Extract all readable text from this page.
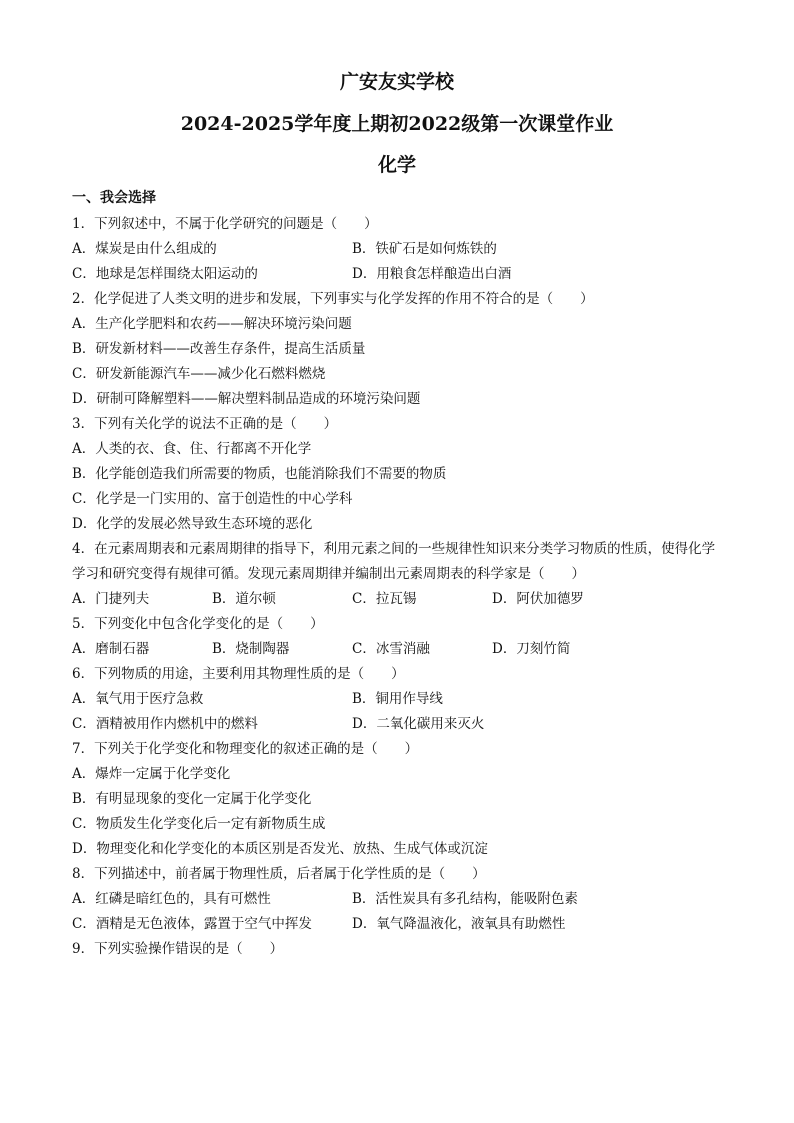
广安友实学校
2024-2025学年度上期初2022级第一次课堂作业
化学
一、我会选择
1．下列叙述中，不属于化学研究的问题是（　　）
A．煤炭是由什么组成的	B．铁矿石是如何炼铁的
C．地球是怎样围绕太阳运动的	D．用粮食怎样酿造出白酒
2．化学促进了人类文明的进步和发展，下列事实与化学发挥的作用不符合的是（　　）
A．生产化学肥料和农药——解决环境污染问题
B．研发新材料——改善生存条件，提高生活质量
C．研发新能源汽车——减少化石燃料燃烧
D．研制可降解塑料——解决塑料制品造成的环境污染问题
3．下列有关化学的说法不正确的是（　　）
A．人类的衣、食、住、行都离不开化学
B．化学能创造我们所需要的物质，也能消除我们不需要的物质
C．化学是一门实用的、富于创造性的中心学科
D．化学的发展必然导致生态环境的恶化
4．在元素周期表和元素周期律的指导下，利用元素之间的一些规律性知识来分类学习物质的性质，使得化学学习和研究变得有规律可循。发现元素周期律并编制出元素周期表的科学家是（　　）
A．门捷列夫	B．道尔顿	C．拉瓦锡	D．阿伏加德罗
5．下列变化中包含化学变化的是（　　）
A．磨制石器	B．烧制陶器	C．冰雪消融	D．刀刻竹简
6．下列物质的用途，主要利用其物理性质的是（　　）
A．氧气用于医疗急救	B．铜用作导线
C．酒精被用作内燃机中的燃料	D．二氧化碳用来灭火
7．下列关于化学变化和物理变化的叙述正确的是（　　）
A．爆炸一定属于化学变化
B．有明显现象的变化一定属于化学变化
C．物质发生化学变化后一定有新物质生成
D．物理变化和化学变化的本质区别是否发光、放热、生成气体或沉淀
8．下列描述中，前者属于物理性质，后者属于化学性质的是（　　）
A．红磷是暗红色的，具有可燃性	B．活性炭具有多孔结构，能吸附色素
C．酒精是无色液体，露置于空气中挥发	D．氧气降温液化，液氧具有助燃性
9．下列实验操作错误的是（　　）
